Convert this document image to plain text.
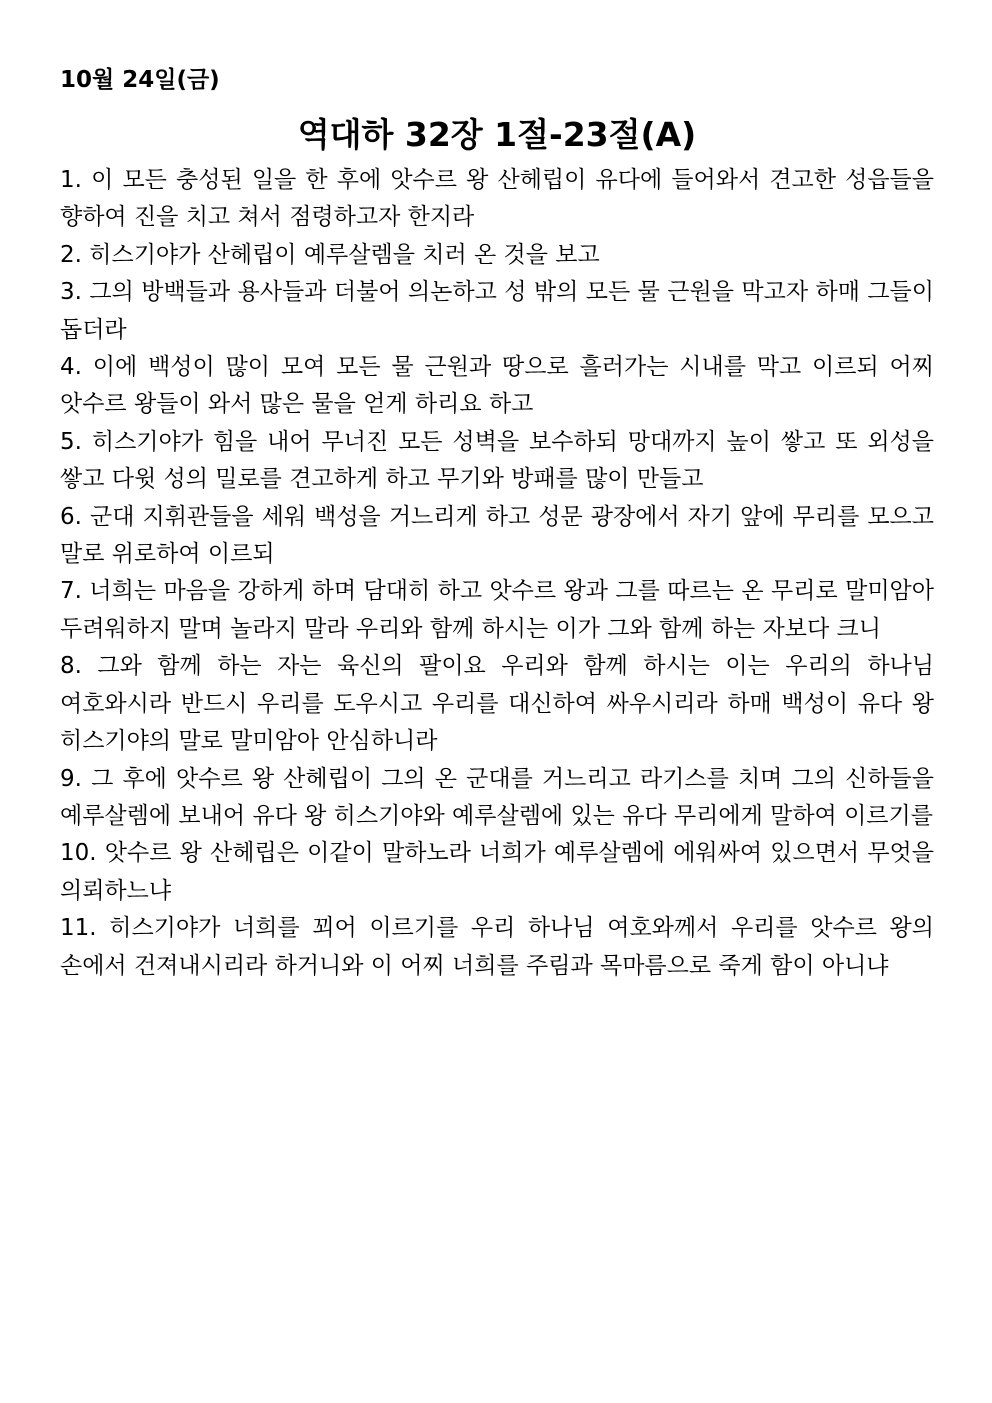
10월 24일(금)

역대하 32장 1절-23절(A)
1. 이 모든 충성된 일을 한 후에 앗수르 왕 산헤립이 유다에 들어와서 견고한 성읍들을 향하여 진을 치고 쳐서 점령하고자 한지라
2. 히스기야가 산헤립이 예루살렘을 치러 온 것을 보고
3. 그의 방백들과 용사들과 더불어 의논하고 성 밖의 모든 물 근원을 막고자 하매 그들이 돕더라
4. 이에 백성이 많이 모여 모든 물 근원과 땅으로 흘러가는 시내를 막고 이르되 어찌 앗수르 왕들이 와서 많은 물을 얻게 하리요 하고
5. 히스기야가 힘을 내어 무너진 모든 성벽을 보수하되 망대까지 높이 쌓고 또 외성을 쌓고 다윗 성의 밀로를 견고하게 하고 무기와 방패를 많이 만들고
6. 군대 지휘관들을 세워 백성을 거느리게 하고 성문 광장에서 자기 앞에 무리를 모으고 말로 위로하여 이르되
7. 너희는 마음을 강하게 하며 담대히 하고 앗수르 왕과 그를 따르는 온 무리로 말미암아 두려워하지 말며 놀라지 말라 우리와 함께 하시는 이가 그와 함께 하는 자보다 크니
8. 그와 함께 하는 자는 육신의 팔이요 우리와 함께 하시는 이는 우리의 하나님 여호와시라 반드시 우리를 도우시고 우리를 대신하여 싸우시리라 하매 백성이 유다 왕 히스기야의 말로 말미암아 안심하니라
9. 그 후에 앗수르 왕 산헤립이 그의 온 군대를 거느리고 라기스를 치며 그의 신하들을 예루살렘에 보내어 유다 왕 히스기야와 예루살렘에 있는 유다 무리에게 말하여 이르기를
10. 앗수르 왕 산헤립은 이같이 말하노라 너희가 예루살렘에 에워싸여 있으면서 무엇을 의뢰하느냐
11. 히스기야가 너희를 꾀어 이르기를 우리 하나님 여호와께서 우리를 앗수르 왕의 손에서 건져내시리라 하거니와 이 어찌 너희를 주림과 목마름으로 죽게 함이 아니냐
